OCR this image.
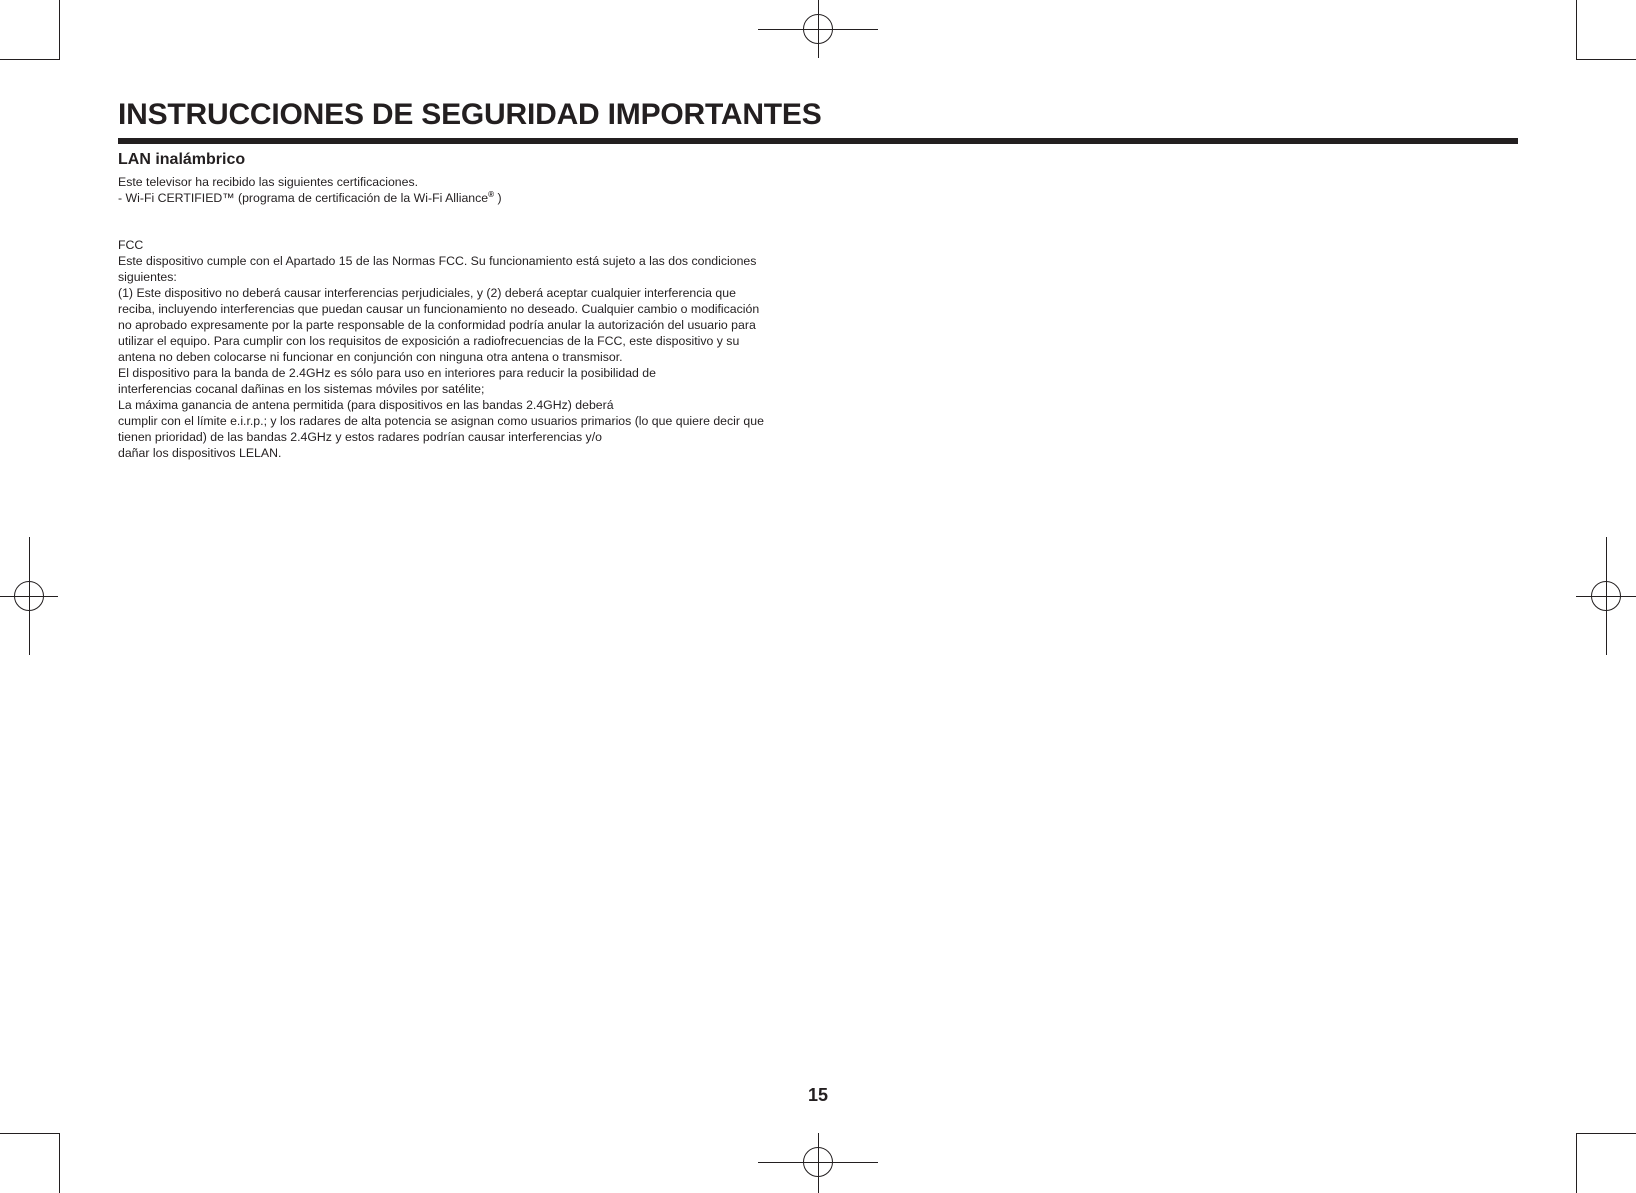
INSTRUCCIONES DE SEGURIDAD IMPORTANTES
LAN inalámbrico
Este televisor ha recibido las siguientes certificaciones.
- Wi-Fi CERTIFIED™ (programa de certificación de la Wi-Fi Alliance® )
FCC
Este dispositivo cumple con el Apartado 15 de las Normas FCC. Su funcionamiento está sujeto a las dos condiciones
siguientes:
(1) Este dispositivo no deberá causar interferencias perjudiciales, y (2) deberá aceptar cualquier interferencia que
reciba, incluyendo interferencias que puedan causar un funcionamiento no deseado. Cualquier cambio o modificación
no aprobado expresamente por la parte responsable de la conformidad podría anular la autorización del usuario para
utilizar el equipo. Para cumplir con los requisitos de exposición a radiofrecuencias de la FCC, este dispositivo y su
antena no deben colocarse ni funcionar en conjunción con ninguna otra antena o transmisor.
El dispositivo para la banda de 2.4GHz es sólo para uso en interiores para reducir la posibilidad de
interferencias cocanal dañinas en los sistemas móviles por satélite;
La máxima ganancia de antena permitida (para dispositivos en las bandas 2.4GHz) deberá
cumplir con el límite e.i.r.p.; y los radares de alta potencia se asignan como usuarios primarios (lo que quiere decir que
tienen prioridad) de las bandas 2.4GHz y estos radares podrían causar interferencias y/o
dañar los dispositivos LELAN.
15
